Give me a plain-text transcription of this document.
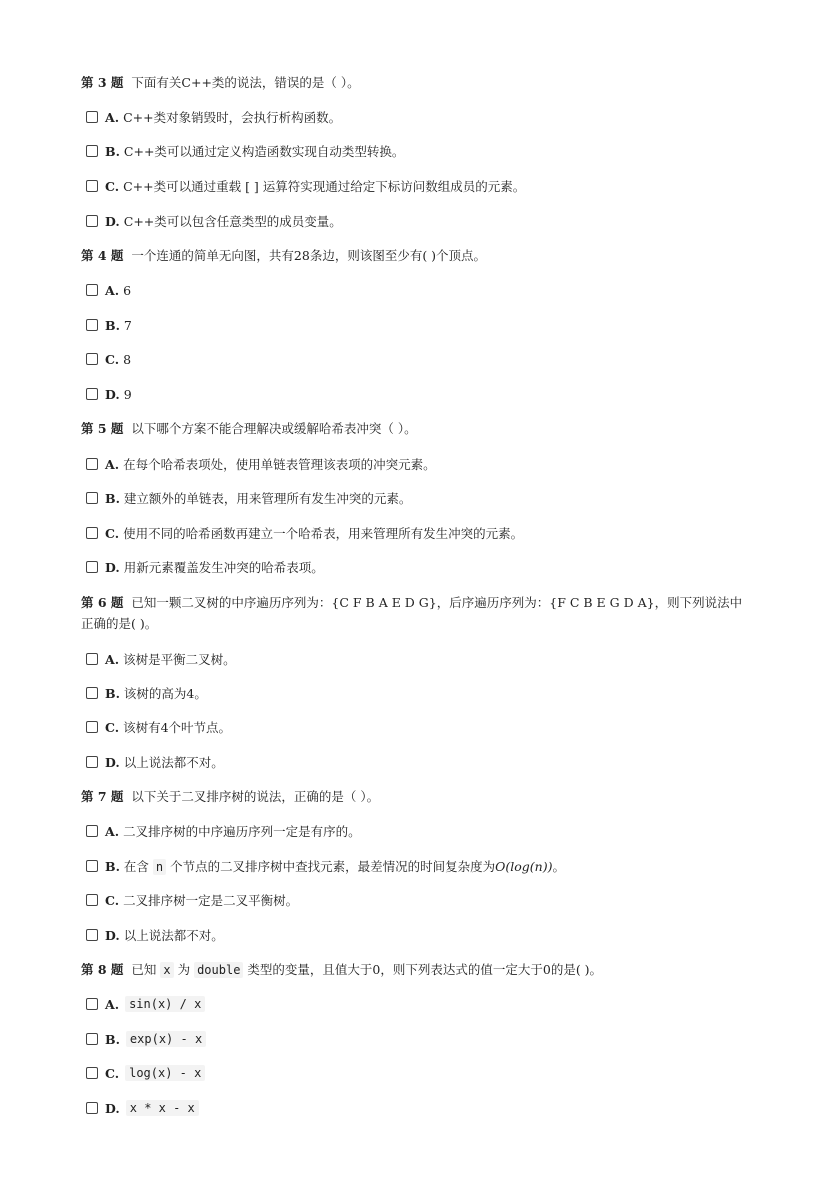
第 3 题 下面有关C++类的说法，错误的是（ ）。
A. C++类对象销毁时，会执行析构函数。
B. C++类可以通过定义构造函数实现自动类型转换。
C. C++类可以通过重载 [ ] 运算符实现通过给定下标访问数组成员的元素。
D. C++类可以包含任意类型的成员变量。
第 4 题 一个连通的简单无向图，共有28条边，则该图至少有( )个顶点。
A. 6
B. 7
C. 8
D. 9
第 5 题 以下哪个方案不能合理解决或缓解哈希表冲突（ ）。
A. 在每个哈希表项处，使用单链表管理该表项的冲突元素。
B. 建立额外的单链表，用来管理所有发生冲突的元素。
C. 使用不同的哈希函数再建立一个哈希表，用来管理所有发生冲突的元素。
D. 用新元素覆盖发生冲突的哈希表项。
第 6 题 已知一颗二叉树的中序遍历序列为：{C F B A E D G}，后序遍历序列为：{F C B E G D A}，则下列说法中正确的是( )。
A. 该树是平衡二叉树。
B. 该树的高为4。
C. 该树有4个叶节点。
D. 以上说法都不对。
第 7 题 以下关于二叉排序树的说法，正确的是（ ）。
A. 二叉排序树的中序遍历序列一定是有序的。
B. 在含 n 个节点的二叉排序树中查找元素，最差情况的时间复杂度为O(log(n))。
C. 二叉排序树一定是二叉平衡树。
D. 以上说法都不对。
第 8 题 已知 x 为 double 类型的变量，且值大于0，则下列表达式的值一定大于0的是( )。
A. sin(x) / x
B. exp(x) - x
C. log(x) - x
D. x * x - x
